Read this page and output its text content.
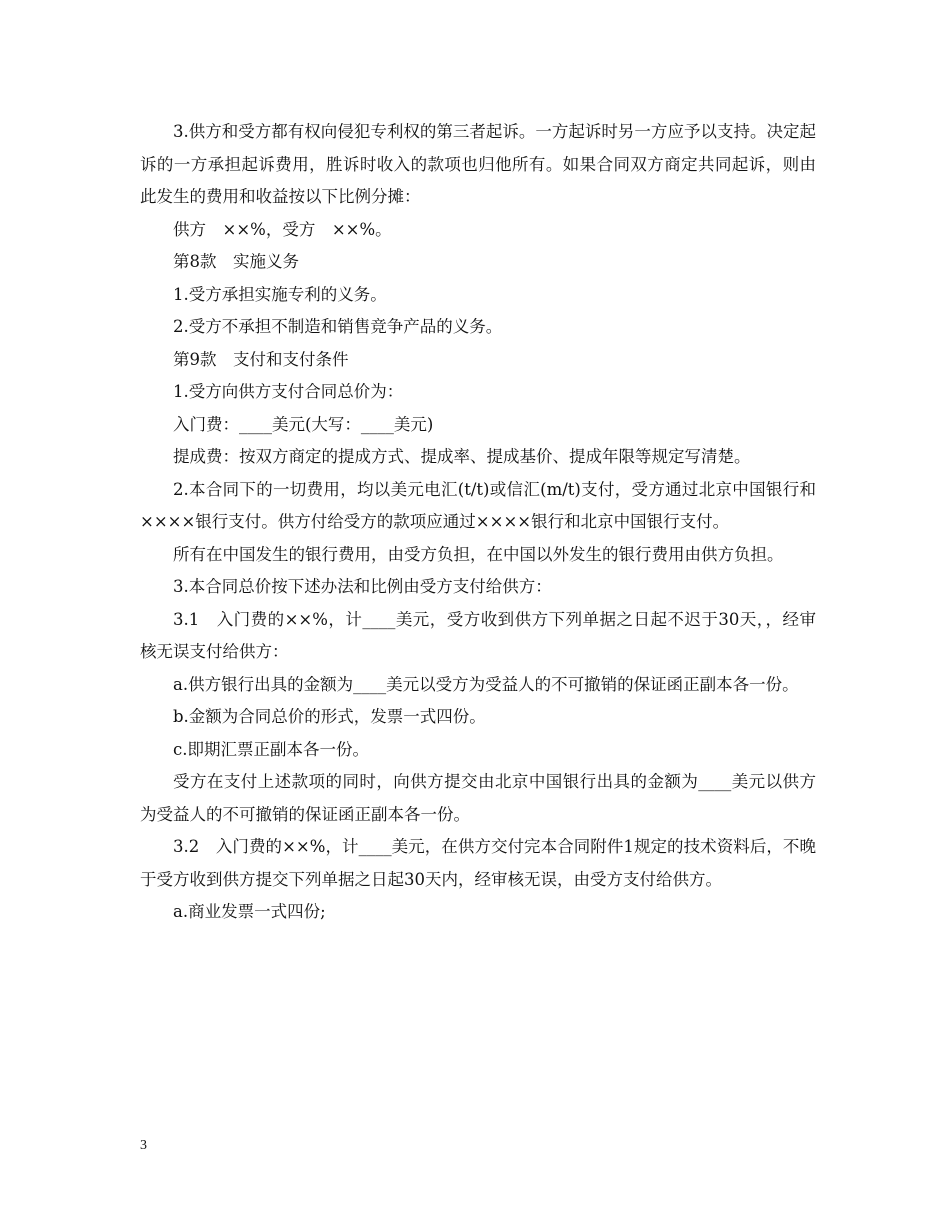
3.供方和受方都有权向侵犯专利权的第三者起诉。一方起诉时另一方应予以支持。决定起诉的一方承担起诉费用，胜诉时收入的款项也归他所有。如果合同双方商定共同起诉，则由此发生的费用和收益按以下比例分摊：

供方　××%，受方　××%。

第8款　实施义务

1.受方承担实施专利的义务。

2.受方不承担不制造和销售竞争产品的义务。

第9款　支付和支付条件

1.受方向供方支付合同总价为：

入门费：____美元(大写：____美元)

提成费：按双方商定的提成方式、提成率、提成基价、提成年限等规定写清楚。

2.本合同下的一切费用，均以美元电汇(t/t)或信汇(m/t)支付，受方通过北京中国银行和××××银行支付。供方付给受方的款项应通过××××银行和北京中国银行支付。

所有在中国发生的银行费用，由受方负担，在中国以外发生的银行费用由供方负担。

3.本合同总价按下述办法和比例由受方支付给供方：

3.1　入门费的××%，计____美元，受方收到供方下列单据之日起不迟于30天，，经审核无误支付给供方：

a.供方银行出具的金额为____美元以受方为受益人的不可撤销的保证函正副本各一份。

b.金额为合同总价的形式，发票一式四份。

c.即期汇票正副本各一份。

受方在支付上述款项的同时，向供方提交由北京中国银行出具的金额为____美元以供方为受益人的不可撤销的保证函正副本各一份。

3.2　入门费的××%，计____美元，在供方交付完本合同附件1规定的技术资料后，不晚于受方收到供方提交下列单据之日起30天内，经审核无误，由受方支付给供方。

a.商业发票一式四份;

3
